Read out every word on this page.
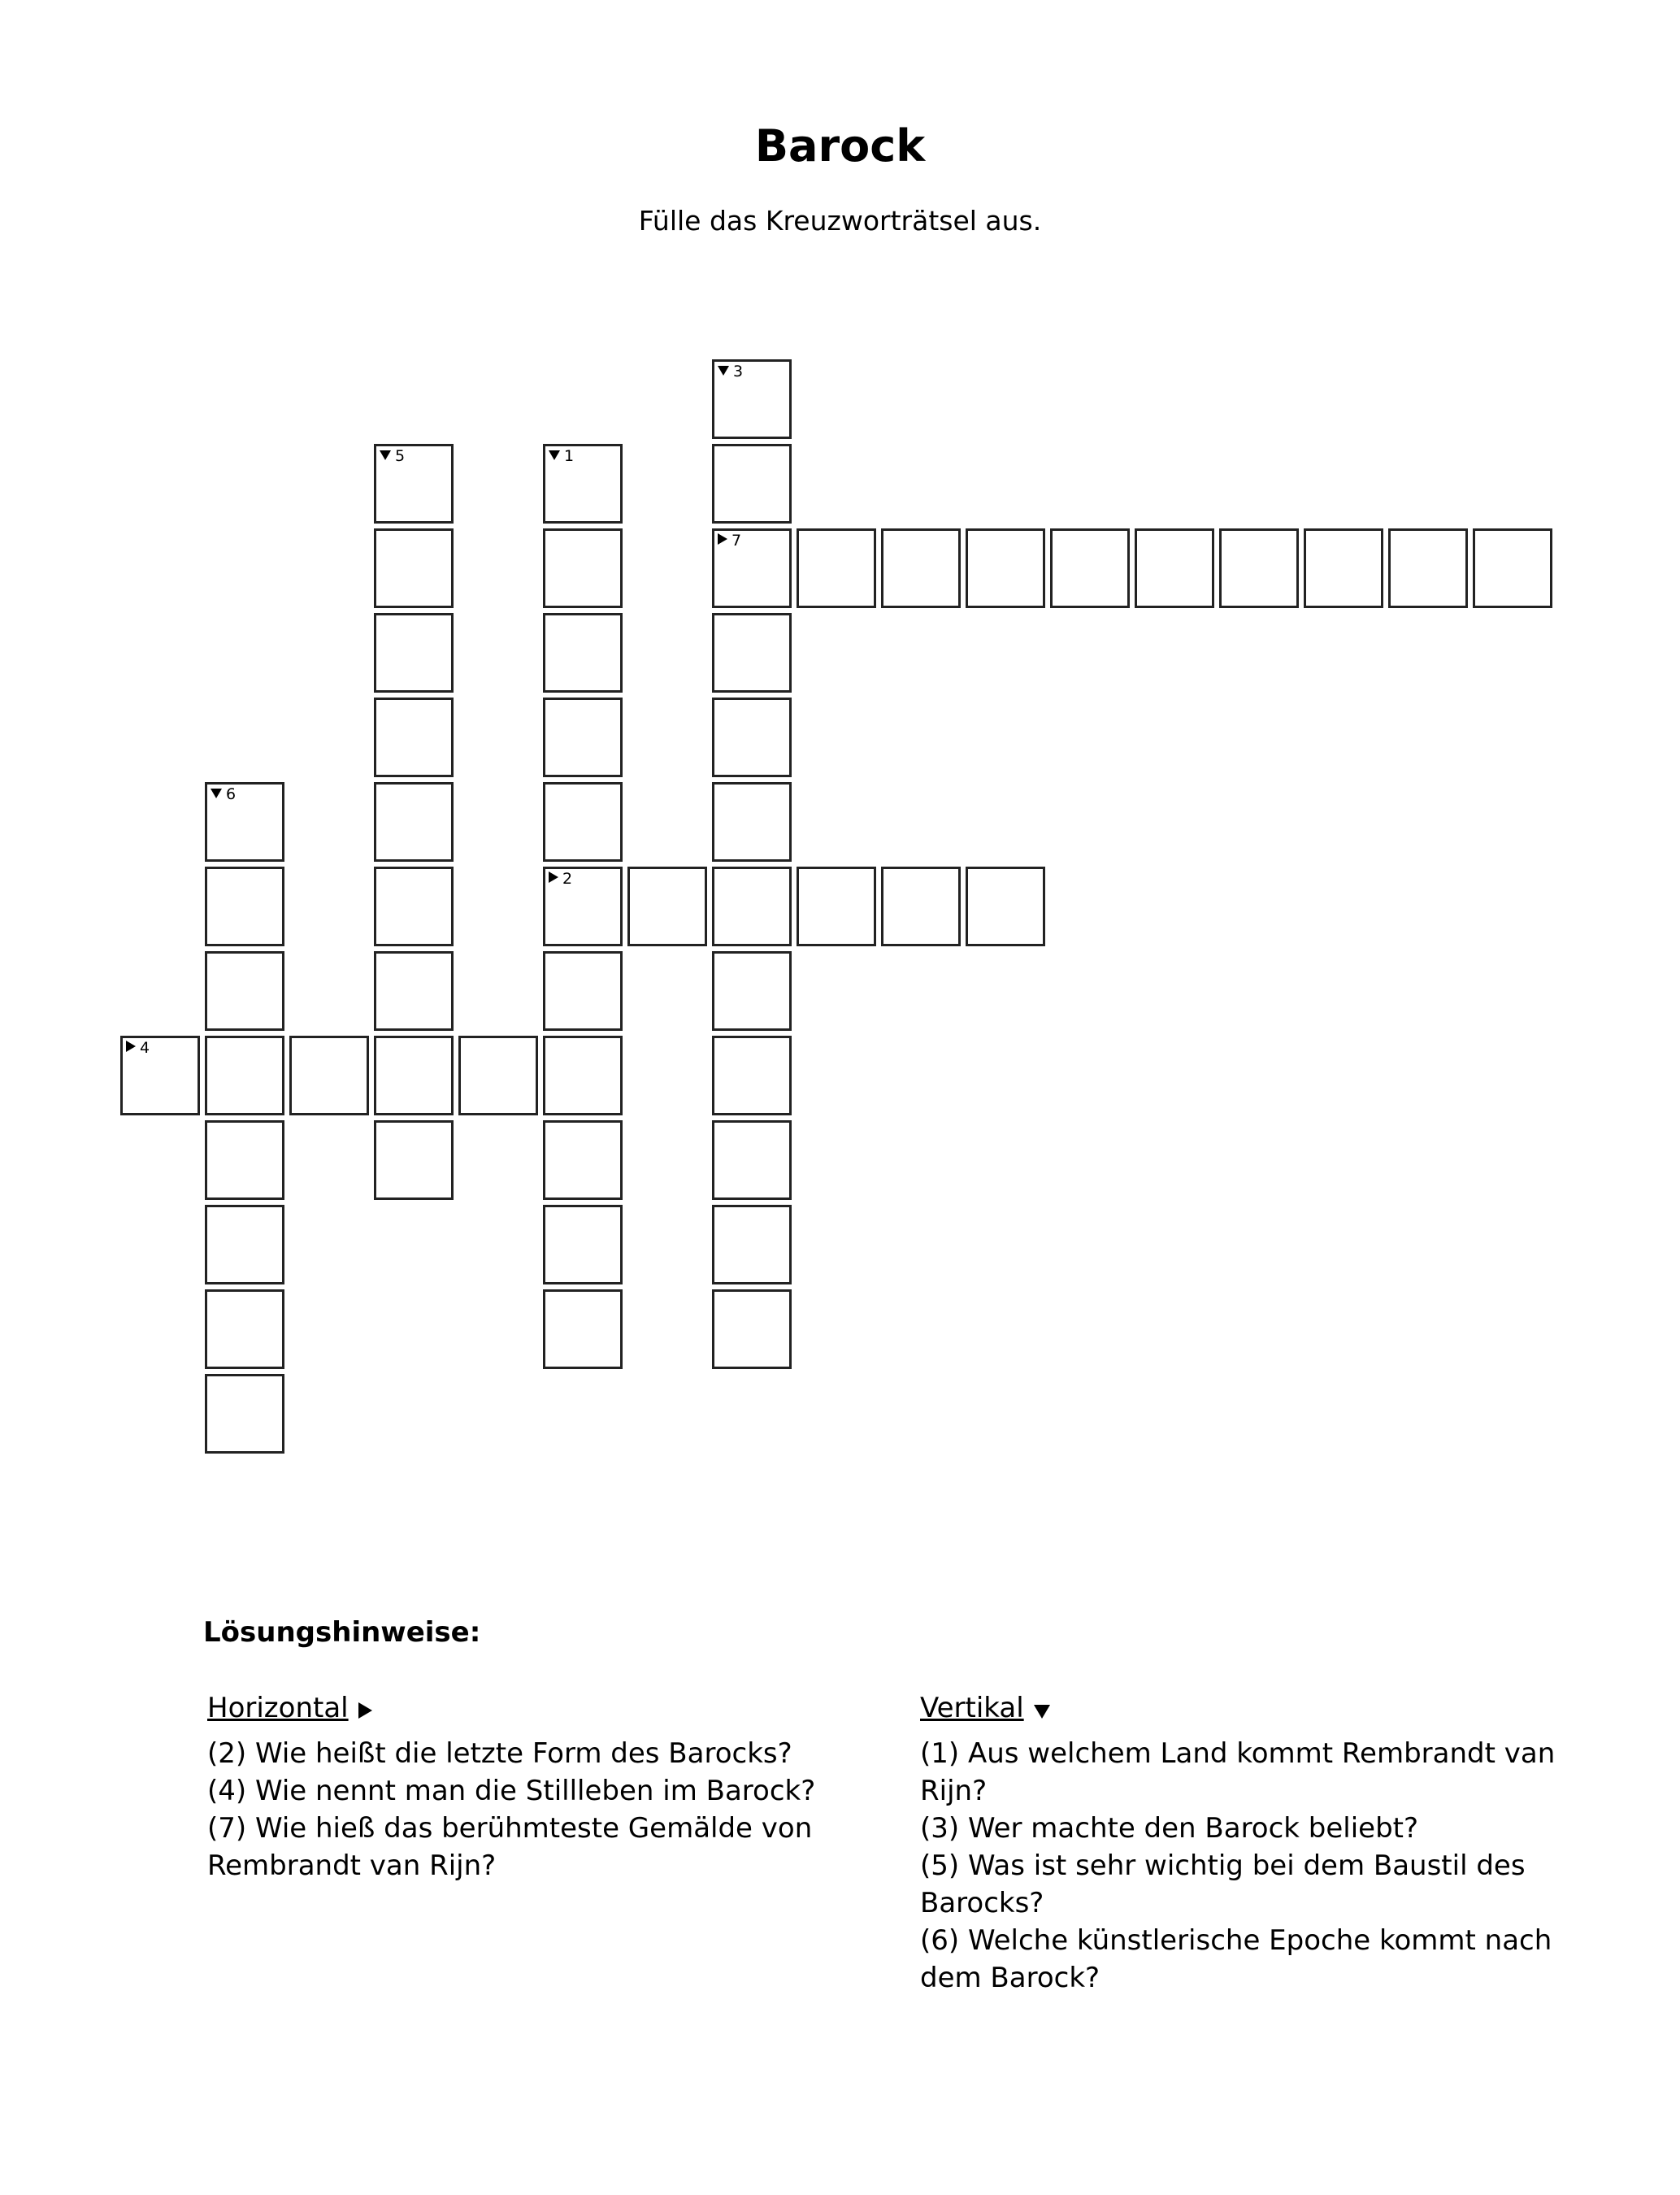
Barock
Fülle das Kreuzworträtsel aus.
3
7
5	1
2
6
4
Lösungshinweise:
Horizontal

(2) Wie heißt die letzte Form des Barocks?

(4) Wie nennt man die Stillleben im Barock?

(7) Wie hieß das berühmteste Gemälde von Rembrandt van Rijn?

Vertikal

(1) Aus welchem Land kommt Rembrandt van Rijn?

(3) Wer machte den Barock beliebt?

(5) Was ist sehr wichtig bei dem Baustil des Barocks?

(6) Welche künstlerische Epoche kommt nach dem Barock?
